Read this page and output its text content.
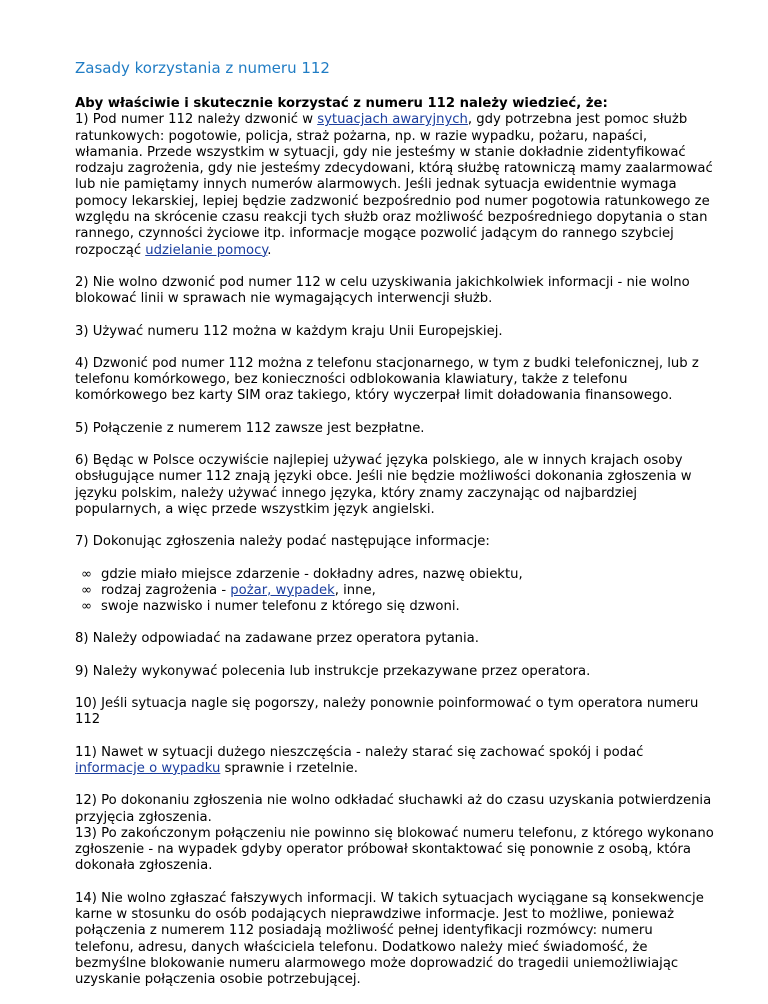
Zasady korzystania z numeru 112
Aby właściwie i skutecznie korzystać z numeru 112 należy wiedzieć, że:
1) Pod numer 112 należy dzwonić w sytuacjach awaryjnych, gdy potrzebna jest pomoc służb ratunkowych: pogotowie, policja, straż pożarna, np. w razie wypadku, pożaru, napaści, włamania. Przede wszystkim w sytuacji, gdy nie jesteśmy w stanie dokładnie zidentyfikować rodzaju zagrożenia, gdy nie jesteśmy zdecydowani, którą służbę ratowniczą mamy zaalarmować lub nie pamiętamy innych numerów alarmowych. Jeśli jednak sytuacja ewidentnie wymaga pomocy lekarskiej, lepiej będzie zadzwonić bezpośrednio pod numer pogotowia ratunkowego ze względu na skrócenie czasu reakcji tych służb oraz możliwość bezpośredniego dopytania o stan rannego, czynności życiowe itp. informacje mogące pozwolić jadącym do rannego szybciej rozpocząć udzielanie pomocy.

2) Nie wolno dzwonić pod numer 112 w celu uzyskiwania jakichkolwiek informacji - nie wolno blokować linii w sprawach nie wymagających interwencji służb.

3) Używać numeru 112 można w każdym kraju Unii Europejskiej.

4) Dzwonić pod numer 112 można z telefonu stacjonarnego, w tym z budki telefonicznej, lub z telefonu komórkowego, bez konieczności odblokowania klawiatury, także z telefonu komórkowego bez karty SIM oraz takiego, który wyczerpał limit doładowania finansowego.

5) Połączenie z numerem 112 zawsze jest bezpłatne.

6) Będąc w Polsce oczywiście najlepiej używać języka polskiego, ale w innych krajach osoby obsługujące numer 112 znają języki obce. Jeśli nie będzie możliwości dokonania zgłoszenia w języku polskim, należy używać innego języka, który znamy zaczynając od najbardziej popularnych, a więc przede wszystkim język angielski.

7) Dokonując zgłoszenia należy podać następujące informacje:

∞ gdzie miało miejsce zdarzenie - dokładny adres, nazwę obiektu,
∞ rodzaj zagrożenia - pożar, wypadek, inne,
∞ swoje nazwisko i numer telefonu z którego się dzwoni.

8) Należy odpowiadać na zadawane przez operatora pytania.

9) Należy wykonywać polecenia lub instrukcje przekazywane przez operatora.

10) Jeśli sytuacja nagle się pogorszy, należy ponownie poinformować o tym operatora numeru 112

11) Nawet w sytuacji dużego nieszczęścia - należy starać się zachować spokój i podać informacje o wypadku sprawnie i rzetelnie.

12) Po dokonaniu zgłoszenia nie wolno odkładać słuchawki aż do czasu uzyskania potwierdzenia przyjęcia zgłoszenia.
13) Po zakończonym połączeniu nie powinno się blokować numeru telefonu, z którego wykonano zgłoszenie - na wypadek gdyby operator próbował skontaktować się ponownie z osobą, która dokonała zgłoszenia.

14) Nie wolno zgłaszać fałszywych informacji. W takich sytuacjach wyciągane są konsekwencje karne w stosunku do osób podających nieprawdziwe informacje. Jest to możliwe, ponieważ połączenia z numerem 112 posiadają możliwość pełnej identyfikacji rozmówcy: numeru telefonu, adresu, danych właściciela telefonu. Dodatkowo należy mieć świadomość, że bezmyślne blokowanie numeru alarmowego może doprowadzić do tragedii uniemożliwiając uzyskanie połączenia osobie potrzebującej.
